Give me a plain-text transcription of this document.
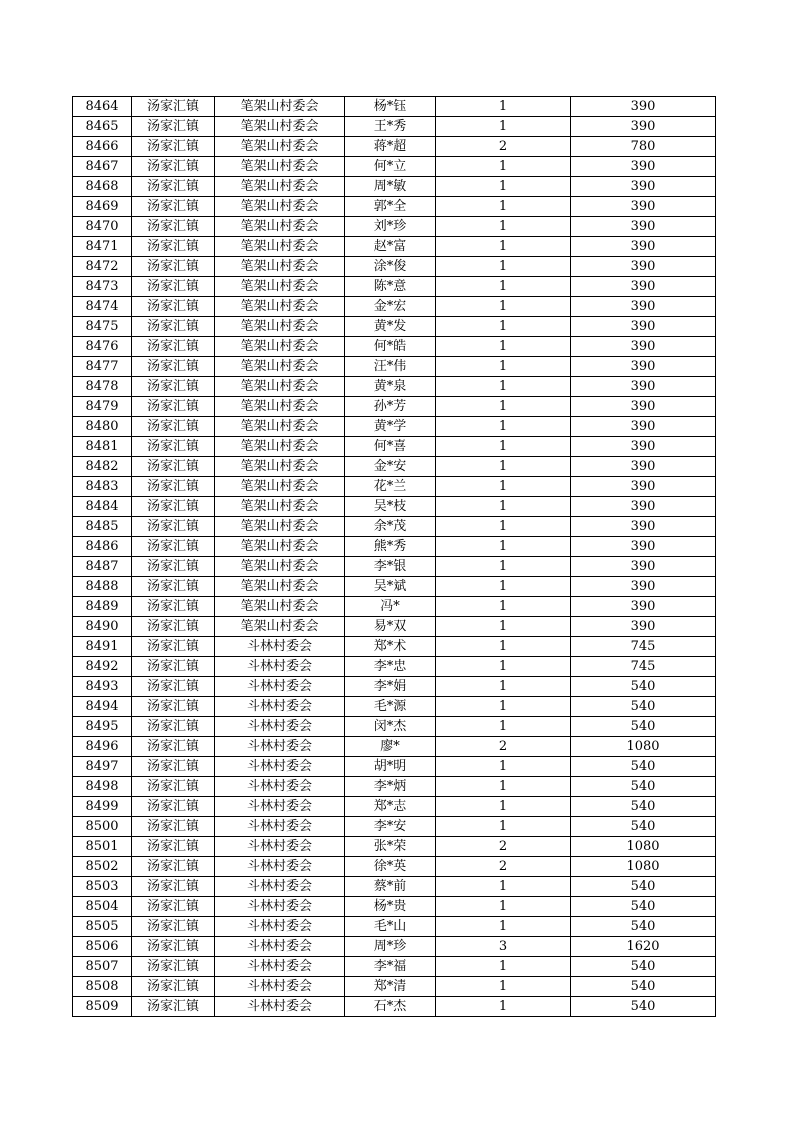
8464	汤家汇镇	笔架山村委会	杨*钰	1	390
8465	汤家汇镇	笔架山村委会	王*秀	1	390
8466	汤家汇镇	笔架山村委会	蒋*超	2	780
8467	汤家汇镇	笔架山村委会	何*立	1	390
8468	汤家汇镇	笔架山村委会	周*敏	1	390
8469	汤家汇镇	笔架山村委会	郭*全	1	390
8470	汤家汇镇	笔架山村委会	刘*珍	1	390
8471	汤家汇镇	笔架山村委会	赵*富	1	390
8472	汤家汇镇	笔架山村委会	涂*俊	1	390
8473	汤家汇镇	笔架山村委会	陈*意	1	390
8474	汤家汇镇	笔架山村委会	金*宏	1	390
8475	汤家汇镇	笔架山村委会	黄*发	1	390
8476	汤家汇镇	笔架山村委会	何*皓	1	390
8477	汤家汇镇	笔架山村委会	汪*伟	1	390
8478	汤家汇镇	笔架山村委会	黄*泉	1	390
8479	汤家汇镇	笔架山村委会	孙*芳	1	390
8480	汤家汇镇	笔架山村委会	黄*学	1	390
8481	汤家汇镇	笔架山村委会	何*喜	1	390
8482	汤家汇镇	笔架山村委会	金*安	1	390
8483	汤家汇镇	笔架山村委会	花*兰	1	390
8484	汤家汇镇	笔架山村委会	吴*枝	1	390
8485	汤家汇镇	笔架山村委会	余*茂	1	390
8486	汤家汇镇	笔架山村委会	熊*秀	1	390
8487	汤家汇镇	笔架山村委会	李*银	1	390
8488	汤家汇镇	笔架山村委会	吴*斌	1	390
8489	汤家汇镇	笔架山村委会	冯*	1	390
8490	汤家汇镇	笔架山村委会	易*双	1	390
8491	汤家汇镇	斗林村委会	郑*术	1	745
8492	汤家汇镇	斗林村委会	李*忠	1	745
8493	汤家汇镇	斗林村委会	李*娟	1	540
8494	汤家汇镇	斗林村委会	毛*源	1	540
8495	汤家汇镇	斗林村委会	闵*杰	1	540
8496	汤家汇镇	斗林村委会	廖*	2	1080
8497	汤家汇镇	斗林村委会	胡*明	1	540
8498	汤家汇镇	斗林村委会	李*炳	1	540
8499	汤家汇镇	斗林村委会	郑*志	1	540
8500	汤家汇镇	斗林村委会	李*安	1	540
8501	汤家汇镇	斗林村委会	张*荣	2	1080
8502	汤家汇镇	斗林村委会	徐*英	2	1080
8503	汤家汇镇	斗林村委会	蔡*前	1	540
8504	汤家汇镇	斗林村委会	杨*贵	1	540
8505	汤家汇镇	斗林村委会	毛*山	1	540
8506	汤家汇镇	斗林村委会	周*珍	3	1620
8507	汤家汇镇	斗林村委会	李*福	1	540
8508	汤家汇镇	斗林村委会	郑*清	1	540
8509	汤家汇镇	斗林村委会	石*杰	1	540
